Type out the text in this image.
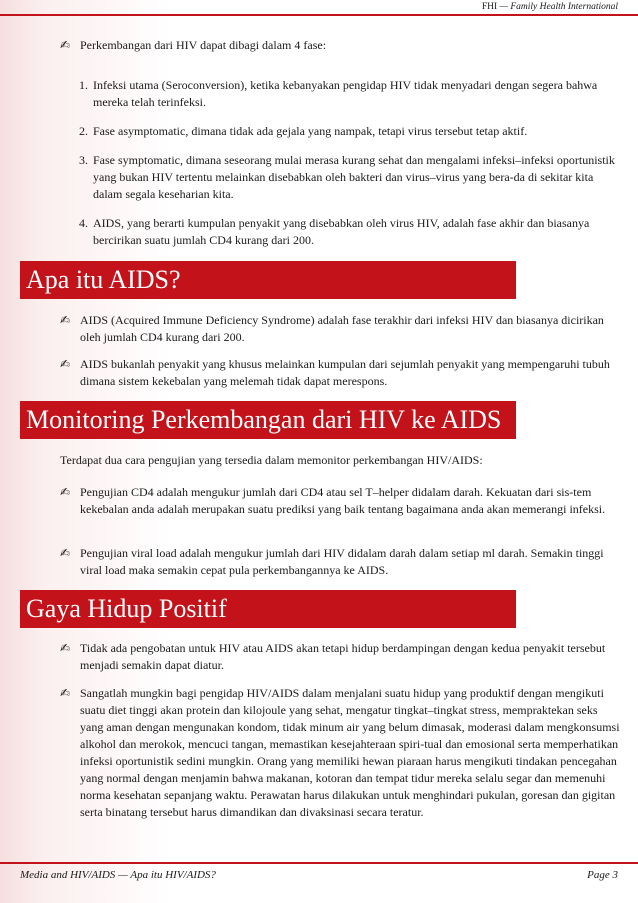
FHI — Family Health International
✍ Perkembangan dari HIV dapat dibagi dalam 4 fase:
1. Infeksi utama (Seroconversion), ketika kebanyakan pengidap HIV tidak menyadari dengan segera bahwa mereka telah terinfeksi.
2. Fase asymptomatic, dimana tidak ada gejala yang nampak, tetapi virus tersebut tetap aktif.
3. Fase symptomatic, dimana seseorang mulai merasa kurang sehat dan mengalami infeksi–infeksi oportunistik yang bukan HIV tertentu melainkan disebabkan oleh bakteri dan virus–virus yang bera-da di sekitar kita dalam segala keseharian kita.
4. AIDS, yang berarti kumpulan penyakit yang disebabkan oleh virus HIV, adalah fase akhir dan biasanya bercirikan suatu jumlah CD4 kurang dari 200.
Apa itu AIDS?
✍ AIDS (Acquired Immune Deficiency Syndrome) adalah fase terakhir dari infeksi HIV dan biasanya dicirikan oleh jumlah CD4 kurang dari 200.
✍ AIDS bukanlah penyakit yang khusus melainkan kumpulan dari sejumlah penyakit yang mempengaruhi tubuh dimana sistem kekebalan yang melemah tidak dapat merespons.
Monitoring Perkembangan dari HIV ke AIDS
Terdapat dua cara pengujian yang tersedia dalam memonitor perkembangan HIV/AIDS:
✍ Pengujian CD4 adalah mengukur jumlah dari CD4 atau sel T–helper didalam darah. Kekuatan dari sis-tem kekebalan anda adalah merupakan suatu prediksi yang baik tentang bagaimana anda akan memerangi infeksi.
✍ Pengujian viral load adalah mengukur jumlah dari HIV didalam darah dalam setiap ml darah. Semakin tinggi viral load maka semakin cepat pula perkembangannya ke AIDS.
Gaya Hidup Positif
✍ Tidak ada pengobatan untuk HIV atau AIDS akan tetapi hidup berdampingan dengan kedua penyakit tersebut menjadi semakin dapat diatur.
✍ Sangatlah mungkin bagi pengidap HIV/AIDS dalam menjalani suatu hidup yang produktif dengan mengikuti suatu diet tinggi akan protein dan kilojoule yang sehat, mengatur tingkat–tingkat stress, mempraktekan seks yang aman dengan mengunakan kondom, tidak minum air yang belum dimasak, moderasi dalam mengkonsumsi alkohol dan merokok, mencuci tangan, memastikan kesejahteraan spiri-tual dan emosional serta memperhatikan infeksi oportunistik sedini mungkin. Orang yang memiliki hewan piaraan harus mengikuti tindakan pencegahan yang normal dengan menjamin bahwa makanan, kotoran dan tempat tidur mereka selalu segar dan memenuhi norma kesehatan sepanjang waktu. Perawatan harus dilakukan untuk menghindari pukulan, goresan dan gigitan serta binatang tersebut harus dimandikan dan divaksinasi secara teratur.
Media and HIV/AIDS — Apa itu HIV/AIDS?	Page 3
